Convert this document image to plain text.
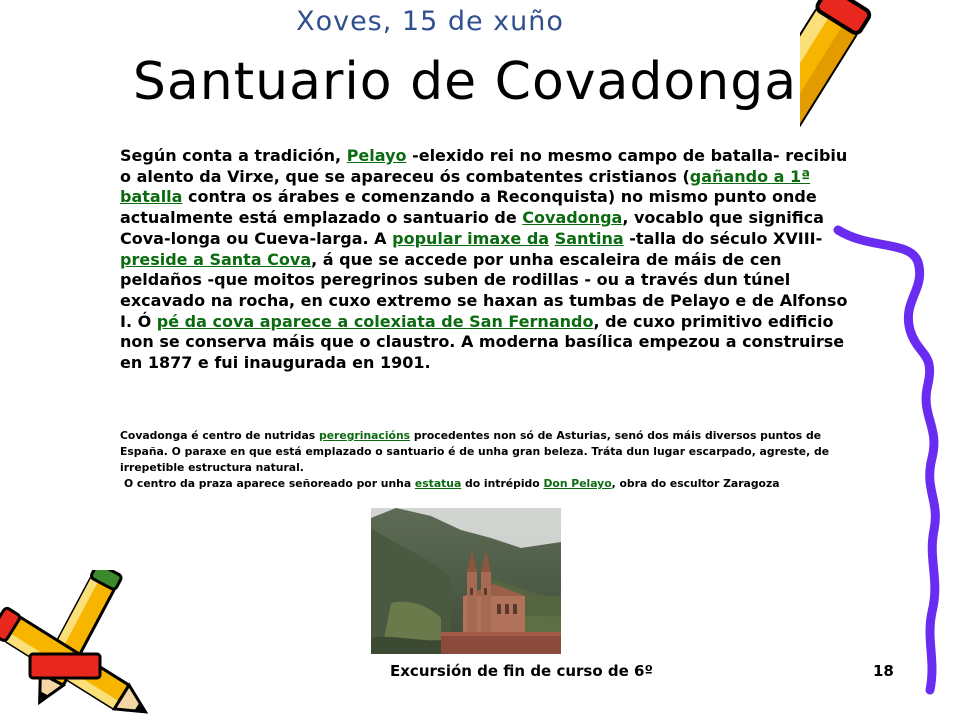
Xoves, 15 de xuño
Santuario de Covadonga
Según conta a tradición, Pelayo -elexido rei no mesmo campo de batalla- recibiu o alento da Virxe, que se apareceu ós combatentes cristianos (gañando a 1ª batalla contra os árabes e comenzando a Reconquista) no mismo punto onde actualmente está emplazado o santuario de Covadonga, vocablo que significa Cova-longa ou Cueva-larga. A popular imaxe da Santina -talla do século XVIII- preside a Santa Cova, á que se accede por unha escaleira de máis de cen peldaños -que moitos peregrinos suben de rodillas - ou a través dun túnel excavado na rocha, en cuxo extremo se haxan as tumbas de Pelayo e de Alfonso I. Ó pé da cova aparece a colexiata de San Fernando, de cuxo primitivo edificio non se conserva máis que o claustro. A moderna basílica empezou a construirse en 1877 e fui inaugurada en 1901.
Covadonga é centro de nutridas peregrinacións procedentes non só de Asturias, senó dos máis diversos puntos de España. O paraxe en que está emplazado o santuario é de unha gran beleza. Tráta dun lugar escarpado, agreste, de irrepetible estructura natural.
O centro da praza aparece señoreado por unha estatua do intrépido Don Pelayo, obra do escultor Zaragoza
Excursión de fin de curso de 6º	18
